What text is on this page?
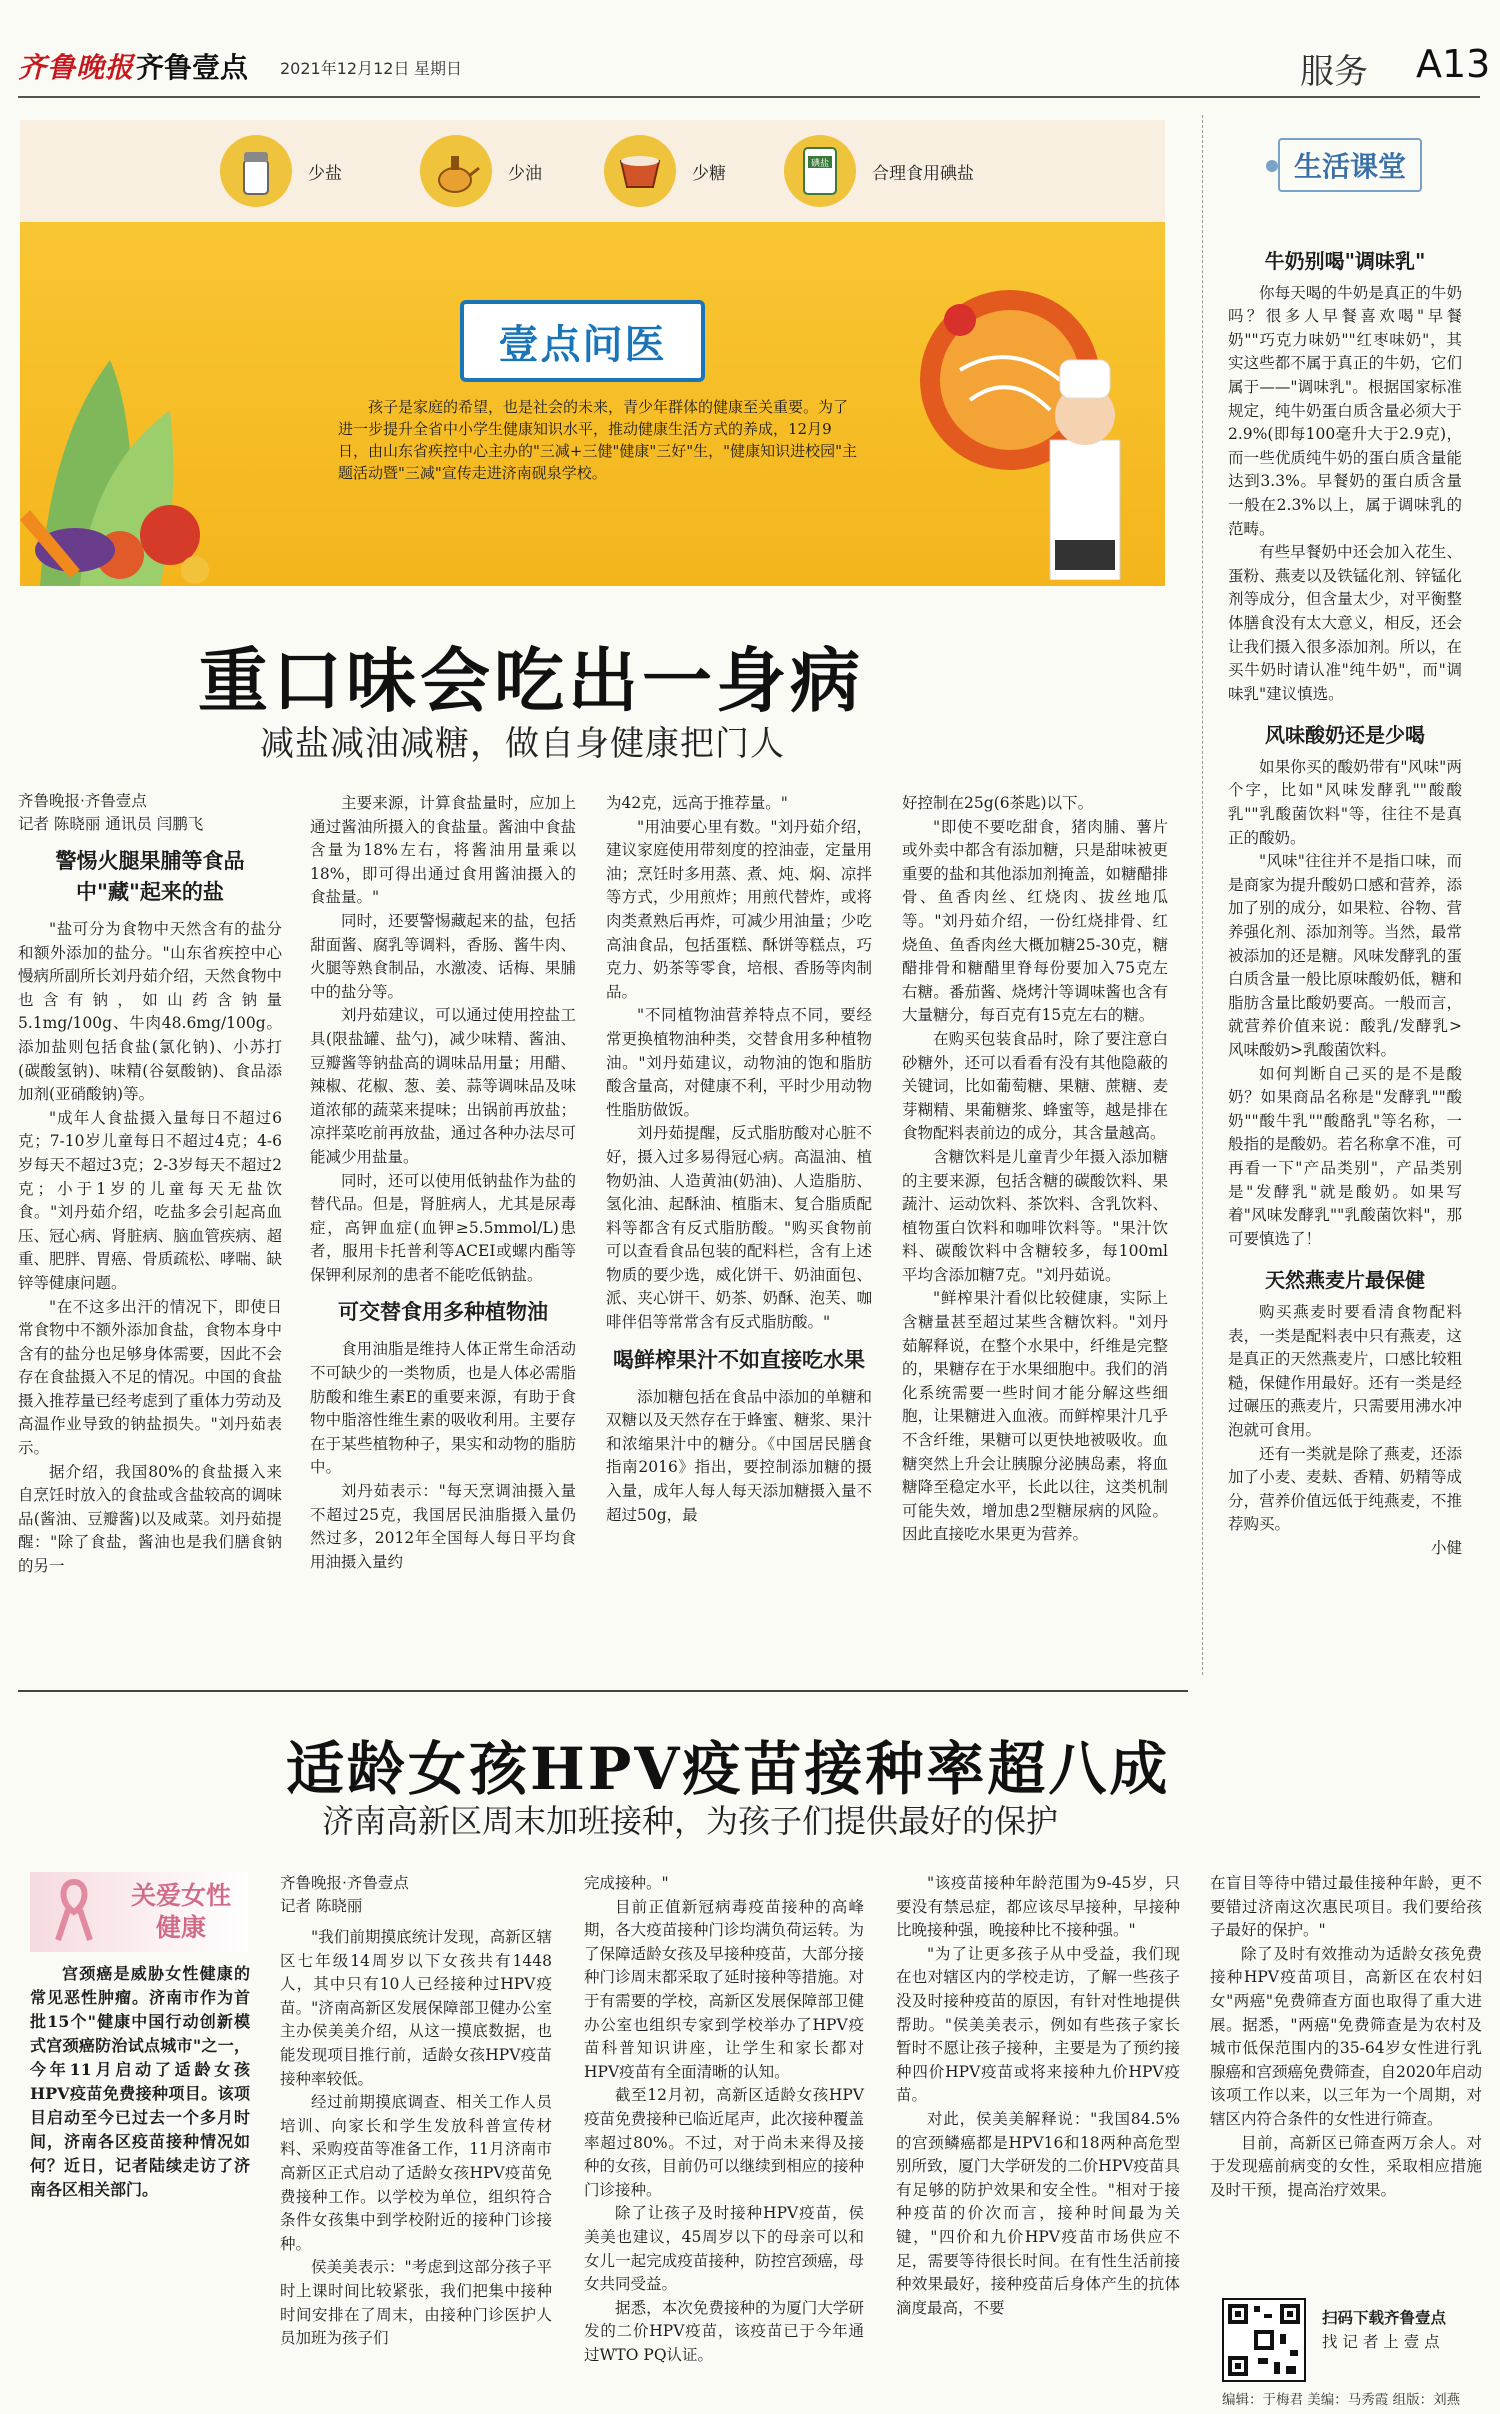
齐鲁晚报 齐鲁壹点 2021年12月12日 星期日	服务 A13
少盐	少油	少糖	碘盐	合理食用碘盐
壹点问医

孩子是家庭的希望，也是社会的未来，青少年群体的健康至关重要。为了进一步提升全省中小学生健康知识水平，推动健康生活方式的养成，12月9日，由山东省疾控中心主办的"三减+三健"健康"三好"生，"健康知识进校园"主题活动暨"三减"宣传走进济南砚泉学校。

重口味会吃出一身病
减盐减油减糖，做自身健康把门人
齐鲁晚报·齐鲁壹点
记者 陈晓丽 通讯员 闫鹏飞
警惕火腿果脯等食品中"藏"起来的盐

"盐可分为食物中天然含有的盐分和额外添加的盐分。"山东省疾控中心慢病所副所长刘丹茹介绍，天然食物中也含有钠，如山药含钠量5.1mg/100g、牛肉48.6mg/100g。添加盐则包括食盐(氯化钠)、小苏打(碳酸氢钠)、味精(谷氨酸钠)、食品添加剂(亚硝酸钠)等。

"成年人食盐摄入量每日不超过6克；7-10岁儿童每日不超过4克；4-6岁每天不超过3克；2-3岁每天不超过2克；小于1岁的儿童每天无盐饮食。"刘丹茹介绍，吃盐多会引起高血压、冠心病、肾脏病、脑血管疾病、超重、肥胖、胃癌、骨质疏松、哮喘、缺锌等健康问题。

"在不这多出汗的情况下，即使日常食物中不额外添加食盐，食物本身中含有的盐分也足够身体需要，因此不会存在食盐摄入不足的情况。中国的食盐摄入推荐量已经考虑到了重体力劳动及高温作业导致的钠盐损失。"刘丹茹表示。

据介绍，我国80%的食盐摄入来自烹饪时放入的食盐或含盐较高的调味品(酱油、豆瓣酱)以及咸菜。刘丹茹提醒："除了食盐，酱油也是我们膳食钠的另一

主要来源，计算食盐量时，应加上通过酱油所摄入的食盐量。酱油中食盐含量为18%左右，将酱油用量乘以18%，即可得出通过食用酱油摄入的食盐量。"

同时，还要警惕藏起来的盐，包括甜面酱、腐乳等调料，香肠、酱牛肉、火腿等熟食制品，水激凌、话梅、果脯中的盐分等。

刘丹茹建议，可以通过使用控盐工具(限盐罐、盐勺)，减少味精、酱油、豆瓣酱等钠盐高的调味品用量；用醋、辣椒、花椒、葱、姜、蒜等调味品及味道浓郁的蔬菜来提味；出锅前再放盐；凉拌菜吃前再放盐，通过各种办法尽可能减少用盐量。

同时，还可以使用低钠盐作为盐的替代品。但是，肾脏病人，尤其是尿毒症，高钾血症(血钾≥5.5mmol/L)患者，服用卡托普利等ACEI或螺内酯等保钾利尿剂的患者不能吃低钠盐。

可交替食用多种植物油

食用油脂是维持人体正常生命活动不可缺少的一类物质，也是人体必需脂肪酸和维生素E的重要来源，有助于食物中脂溶性维生素的吸收利用。主要存在于某些植物种子，果实和动物的脂肪中。

刘丹茹表示："每天烹调油摄入量不超过25克，我国居民油脂摄入量仍然过多，2012年全国每人每日平均食用油摄入量约

为42克，远高于推荐量。"

"用油要心里有数。"刘丹茹介绍，建议家庭使用带刻度的控油壶，定量用油；烹饪时多用蒸、煮、炖、焖、凉拌等方式，少用煎炸；用煎代替炸，或将肉类煮熟后再炸，可减少用油量；少吃高油食品，包括蛋糕、酥饼等糕点，巧克力、奶茶等零食，培根、香肠等肉制品。

"不同植物油营养特点不同，要经常更换植物油种类，交替食用多种植物油。"刘丹茹建议，动物油的饱和脂肪酸含量高，对健康不利，平时少用动物性脂肪做饭。

刘丹茹提醒，反式脂肪酸对心脏不好，摄入过多易得冠心病。高温油、植物奶油、人造黄油(奶油)、人造脂肪、氢化油、起酥油、植脂末、复合脂质配料等都含有反式脂肪酸。"购买食物前可以查看食品包装的配料栏，含有上述物质的要少选，威化饼干、奶油面包、派、夹心饼干、奶茶、奶酥、泡芙、咖啡伴侣等常常含有反式脂肪酸。"

喝鲜榨果汁不如直接吃水果

添加糖包括在食品中添加的单糖和双糖以及天然存在于蜂蜜、糖浆、果汁和浓缩果汁中的糖分。《中国居民膳食指南2016》指出，要控制添加糖的摄入量，成年人每人每天添加糖摄入量不超过50g，最

好控制在25g(6茶匙)以下。

"即使不要吃甜食，猪肉脯、薯片或外卖中都含有添加糖，只是甜味被更重要的盐和其他添加剂掩盖，如糖醋排骨、鱼香肉丝、红烧肉、拔丝地瓜等。"刘丹茹介绍，一份红烧排骨、红烧鱼、鱼香肉丝大概加糖25-30克，糖醋排骨和糖醋里脊每份要加入75克左右糖。番茄酱、烧烤汁等调味酱也含有大量糖分，每百克有15克左右的糖。

在购买包装食品时，除了要注意白砂糖外，还可以看看有没有其他隐蔽的关键词，比如葡萄糖、果糖、蔗糖、麦芽糊精、果葡糖浆、蜂蜜等，越是排在食物配料表前边的成分，其含量越高。

含糖饮料是儿童青少年摄入添加糖的主要来源，包括含糖的碳酸饮料、果蔬汁、运动饮料、茶饮料、含乳饮料、植物蛋白饮料和咖啡饮料等。"果汁饮料、碳酸饮料中含糖较多，每100ml平均含添加糖7克。"刘丹茹说。

"鲜榨果汁看似比较健康，实际上含糖量甚至超过某些含糖饮料。"刘丹茹解释说，在整个水果中，纤维是完整的，果糖存在于水果细胞中。我们的消化系统需要一些时间才能分解这些细胞，让果糖进入血液。而鲜榨果汁几乎不含纤维，果糖可以更快地被吸收。血糖突然上升会让胰腺分泌胰岛素，将血糖降至稳定水平，长此以往，这类机制可能失效，增加患2型糖尿病的风险。因此直接吃水果更为营养。

生活课堂
牛奶别喝"调味乳"

你每天喝的牛奶是真正的牛奶吗？很多人早餐喜欢喝"早餐奶""巧克力味奶""红枣味奶"，其实这些都不属于真正的牛奶，它们属于——"调味乳"。根据国家标准规定，纯牛奶蛋白质含量必须大于2.9%(即每100毫升大于2.9克)，而一些优质纯牛奶的蛋白质含量能达到3.3%。早餐奶的蛋白质含量一般在2.3%以上，属于调味乳的范畴。

有些早餐奶中还会加入花生、蛋粉、燕麦以及铁锰化剂、锌锰化剂等成分，但含量太少，对平衡整体膳食没有太大意义，相反，还会让我们摄入很多添加剂。所以，在买牛奶时请认准"纯牛奶"，而"调味乳"建议慎选。

风味酸奶还是少喝

如果你买的酸奶带有"风味"两个字，比如"风味发酵乳""酸酸乳""乳酸菌饮料"等，往往不是真正的酸奶。

"风味"往往并不是指口味，而是商家为提升酸奶口感和营养，添加了别的成分，如果粒、谷物、营养强化剂、添加剂等。当然，最常被添加的还是糖。风味发酵乳的蛋白质含量一般比原味酸奶低，糖和脂肪含量比酸奶要高。一般而言，就营养价值来说：酸乳/发酵乳>风味酸奶>乳酸菌饮料。

如何判断自己买的是不是酸奶？如果商品名称是"发酵乳""酸奶""酸牛乳""酸酪乳"等名称，一般指的是酸奶。若名称拿不准，可再看一下"产品类别"，产品类别是"发酵乳"就是酸奶。如果写着"风味发酵乳""乳酸菌饮料"，那可要慎选了！

天然燕麦片最保健

购买燕麦时要看清食物配料表，一类是配料表中只有燕麦，这是真正的天然燕麦片，口感比较粗糙，保健作用最好。还有一类是经过碾压的燕麦片，只需要用沸水冲泡就可食用。

还有一类就是除了燕麦，还添加了小麦、麦麸、香精、奶精等成分，营养价值远低于纯燕麦，不推荐购买。

小健
适龄女孩HPV疫苗接种率超八成
济南高新区周末加班接种，为孩子们提供最好的保护
关爱女性健康

宫颈癌是威胁女性健康的常见恶性肿瘤。济南市作为首批15个"健康中国行动创新模式宫颈癌防治试点城市"之一，今年11月启动了适龄女孩HPV疫苗免费接种项目。该项目启动至今已过去一个多月时间，济南各区疫苗接种情况如何？近日，记者陆续走访了济南各区相关部门。

齐鲁晚报·齐鲁壹点
记者 陈晓丽

"我们前期摸底统计发现，高新区辖区七年级14周岁以下女孩共有1448人，其中只有10人已经接种过HPV疫苗。"济南高新区发展保障部卫健办公室主办侯美美介绍，从这一摸底数据，也能发现项目推行前，适龄女孩HPV疫苗接种率较低。

经过前期摸底调查、相关工作人员培训、向家长和学生发放科普宣传材料、采购疫苗等准备工作，11月济南市高新区正式启动了适龄女孩HPV疫苗免费接种工作。以学校为单位，组织符合条件女孩集中到学校附近的接种门诊接种。

侯美美表示："考虑到这部分孩子平时上课时间比较紧张，我们把集中接种时间安排在了周末，由接种门诊医护人员加班为孩子们

完成接种。"

目前正值新冠病毒疫苗接种的高峰期，各大疫苗接种门诊均满负荷运转。为了保障适龄女孩及早接种疫苗，大部分接种门诊周末都采取了延时接种等措施。对于有需要的学校，高新区发展保障部卫健办公室也组织专家到学校举办了HPV疫苗科普知识讲座，让学生和家长都对HPV疫苗有全面清晰的认知。

截至12月初，高新区适龄女孩HPV疫苗免费接种已临近尾声，此次接种覆盖率超过80%。不过，对于尚未来得及接种的女孩，目前仍可以继续到相应的接种门诊接种。

除了让孩子及时接种HPV疫苗，侯美美也建议，45周岁以下的母亲可以和女儿一起完成疫苗接种，防控宫颈癌，母女共同受益。

据悉，本次免费接种的为厦门大学研发的二价HPV疫苗，该疫苗已于今年通过WTO PQ认证。

"该疫苗接种年龄范围为9-45岁，只要没有禁忌症，都应该尽早接种，早接种比晚接种强，晚接种比不接种强。"

"为了让更多孩子从中受益，我们现在也对辖区内的学校走访，了解一些孩子没及时接种疫苗的原因，有针对性地提供帮助。"侯美美表示，例如有些孩子家长暂时不愿让孩子接种，主要是为了预约接种四价HPV疫苗或将来接种九价HPV疫苗。

对此，侯美美解释说："我国84.5%的宫颈鳞癌都是HPV16和18两种高危型别所致，厦门大学研发的二价HPV疫苗具有足够的防护效果和安全性。"相对于接种疫苗的价次而言，接种时间最为关键，"四价和九价HPV疫苗市场供应不足，需要等待很长时间。在有性生活前接种效果最好，接种疫苗后身体产生的抗体滴度最高，不要

在盲目等待中错过最佳接种年龄，更不要错过济南这次惠民项目。我们要给孩子最好的保护。"

除了及时有效推动为适龄女孩免费接种HPV疫苗项目，高新区在农村妇女"两癌"免费筛查方面也取得了重大进展。据悉，"两癌"免费筛查是为农村及城市低保范围内的35-64岁女性进行乳腺癌和宫颈癌免费筛查，自2020年启动该项工作以来，以三年为一个周期，对辖区内符合条件的女性进行筛查。

目前，高新区已筛查两万余人。对于发现癌前病变的女性，采取相应措施及时干预，提高治疗效果。

扫码下载齐鲁壹点
找 记 者 上 壹 点
编辑：于梅君 美编：马秀霞 组版：刘燕
